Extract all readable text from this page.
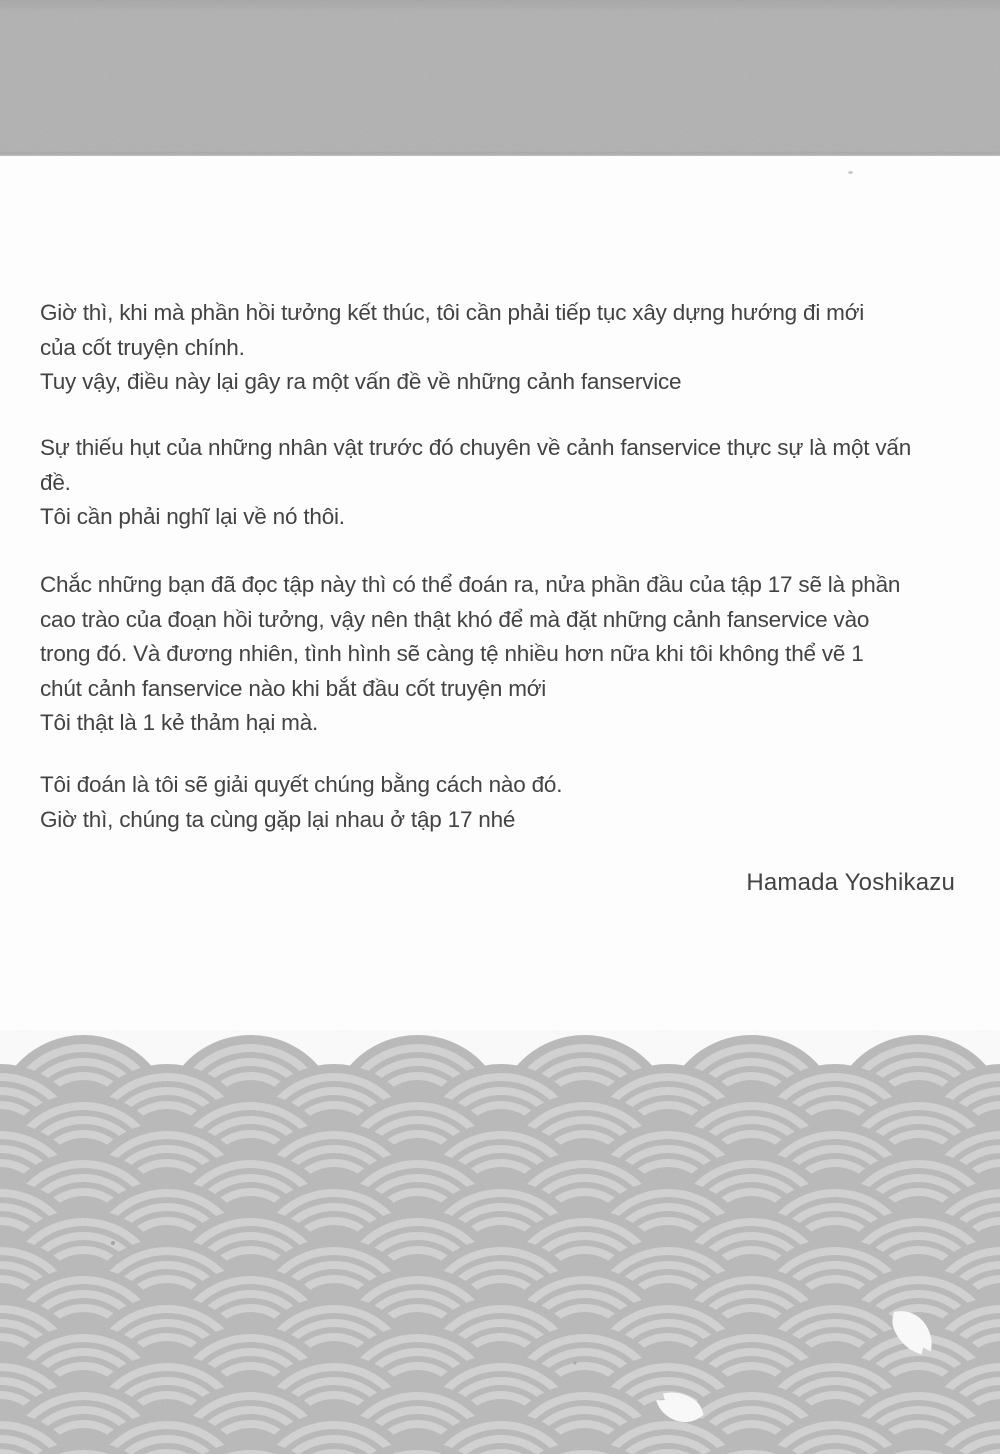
Giờ thì, khi mà phần hồi tưởng kết thúc, tôi cần phải tiếp tục xây dựng hướng đi mới
của cốt truyện chính.
Tuy vậy, điều này lại gây ra một vấn đề về những cảnh fanservice
Sự thiếu hụt của những nhân vật trước đó chuyên về cảnh fanservice thực sự là một vấn
đề.
Tôi cần phải nghĩ lại về nó thôi.
Chắc những bạn đã đọc tập này thì có thể đoán ra, nửa phần đầu của tập 17 sẽ là phần
cao trào của đoạn hồi tưởng, vậy nên thật khó để mà đặt những cảnh fanservice vào
trong đó. Và đương nhiên, tình hình sẽ càng tệ nhiều hơn nữa khi tôi không thể vẽ 1
chút cảnh fanservice nào khi bắt đầu cốt truyện mới
Tôi thật là 1 kẻ thảm hại mà.
Tôi đoán là tôi sẽ giải quyết chúng bằng cách nào đó.
Giờ thì, chúng ta cùng gặp lại nhau ở tập 17 nhé
Hamada Yoshikazu
